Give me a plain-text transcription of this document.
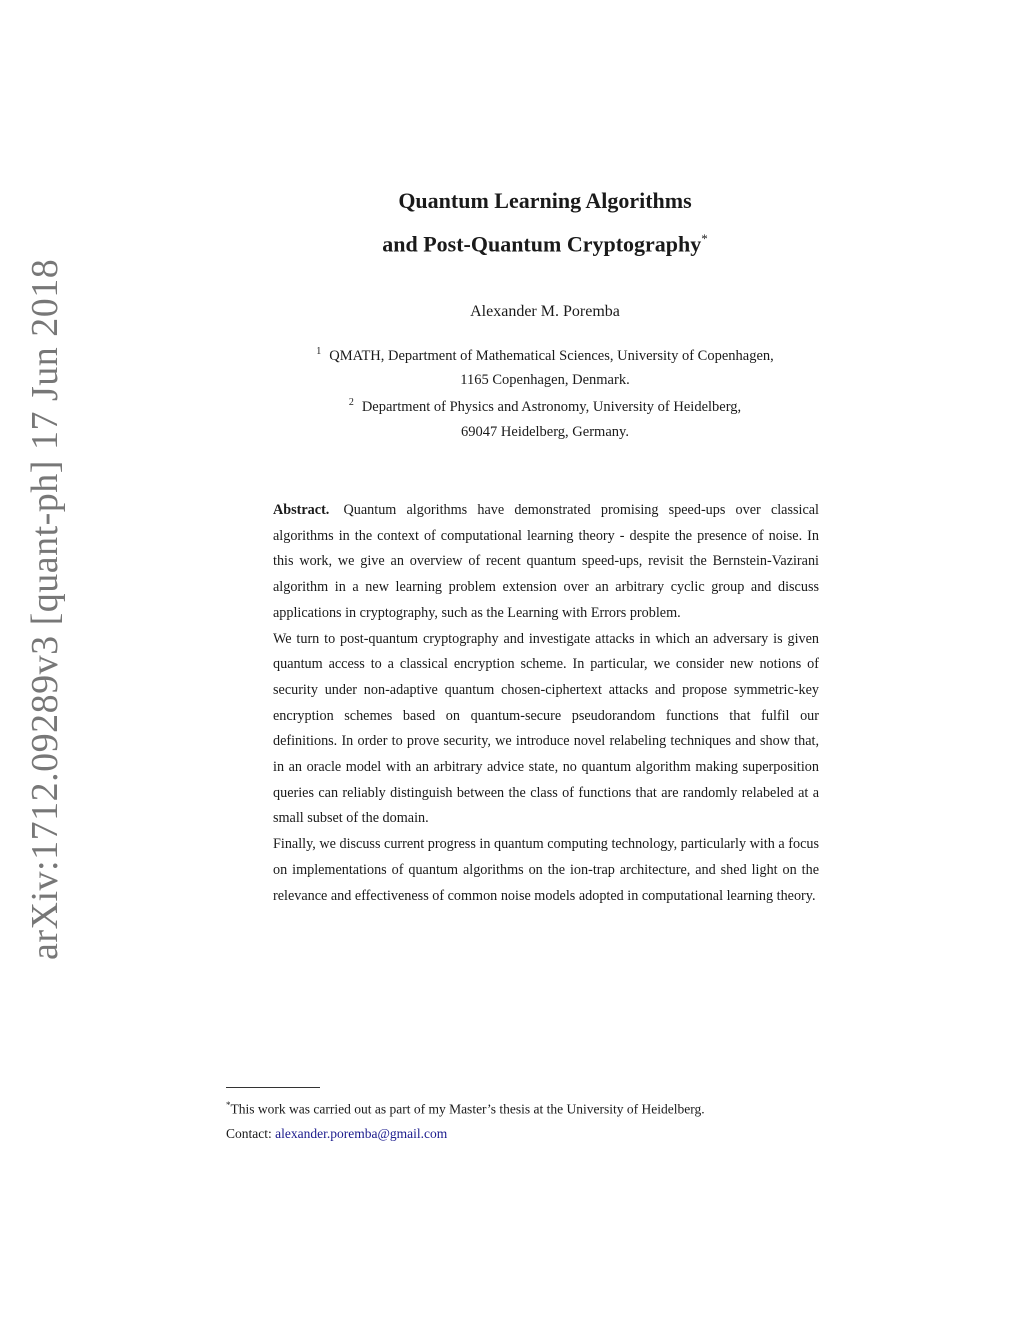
arXiv:1712.09289v3 [quant-ph] 17 Jun 2018
Quantum Learning Algorithms
and Post-Quantum Cryptography*
Alexander M. Poremba
$^1$ QMATH, Department of Mathematical Sciences, University of Copenhagen,
1165 Copenhagen, Denmark.
$^2$ Department of Physics and Astronomy, University of Heidelberg,
69047 Heidelberg, Germany.

Abstract. Quantum algorithms have demonstrated promising speed-ups over classical algorithms in the context of computational learning theory - despite the presence of noise. In this work, we give an overview of recent quantum speed-ups, revisit the Bernstein-Vazirani algorithm in a new learning problem extension over an arbitrary cyclic group and discuss applications in cryptography, such as the Learning with Errors problem.

We turn to post-quantum cryptography and investigate attacks in which an adversary is given quantum access to a classical encryption scheme. In particular, we consider new notions of security under non-adaptive quantum chosen-ciphertext attacks and propose symmetric-key encryption schemes based on quantum-secure pseudorandom functions that fulfil our definitions. In order to prove security, we introduce novel relabeling techniques and show that, in an oracle model with an arbitrary advice state, no quantum algorithm making superposition queries can reliably distinguish between the class of functions that are randomly relabeled at a small subset of the domain.

Finally, we discuss current progress in quantum computing technology, particularly with a focus on implementations of quantum algorithms on the ion-trap architecture, and shed light on the relevance and effectiveness of common noise models adopted in computational learning theory.

*This work was carried out as part of my Master’s thesis at the University of Heidelberg.
Contact: alexander.poremba@gmail.com
